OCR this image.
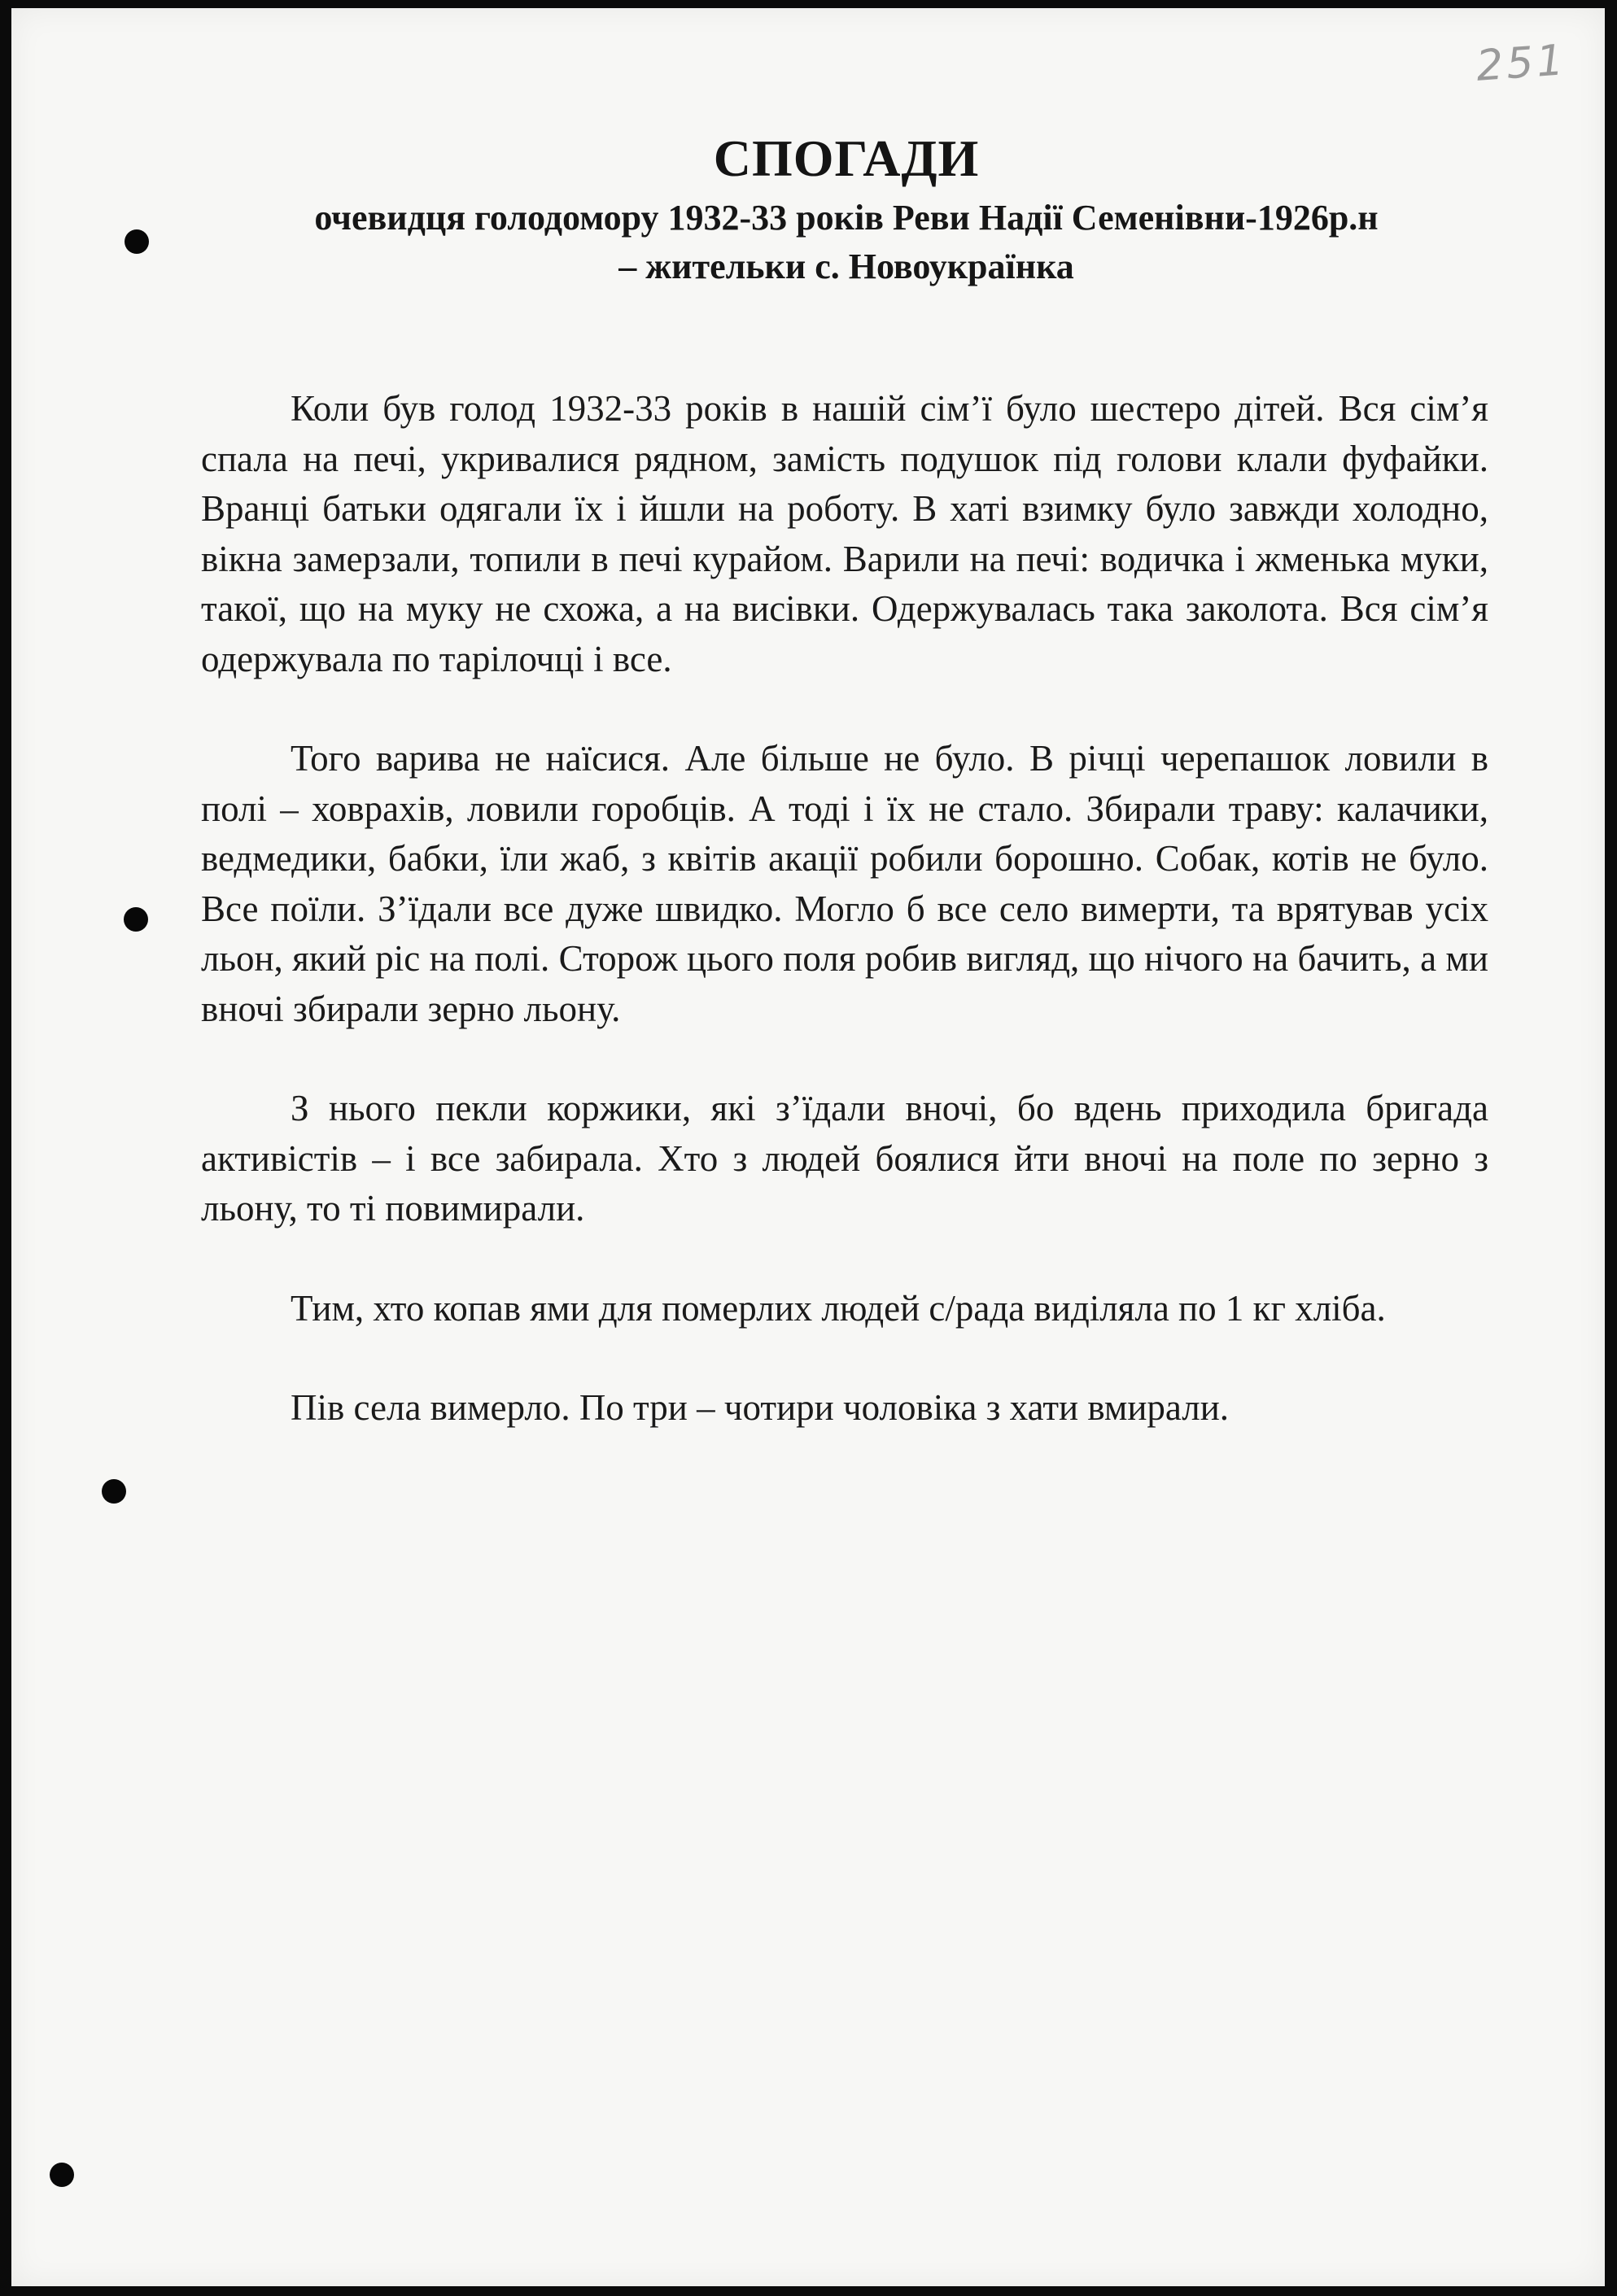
251
СПОГАДИ
очевидця голодомору 1932-33 років Реви Надії Семенівни-1926р.н
– жительки с. Новоукраїнка

Коли був голод 1932-33 років в нашій сім’ї було шестеро дітей. Вся сім’я спала на печі, укривалися рядном, замість подушок під голови клали фуфайки. Вранці батьки одягали їх і йшли на роботу. В хаті взимку було завжди холодно, вікна замерзали, топили в печі курайом. Варили на печі: водичка і жменька муки, такої, що на муку не схожа, а на висівки. Одержувалась така заколота. Вся сім’я одержувала по тарілочці і все.

Того варива не наїсися. Але більше не було. В річці черепашок ловили в полі – ховрахів, ловили горобців. А тоді і їх не стало. Збирали траву: калачики, ведмедики, бабки, їли жаб, з квітів акації робили борошно. Собак, котів не було. Все поїли. З’їдали все дуже швидко. Могло б все село вимерти, та врятував усіх льон, який ріс на полі. Сторож цього поля робив вигляд, що нічого на бачить, а ми вночі збирали зерно льону.

З нього пекли коржики, які з’їдали вночі, бо вдень приходила бригада активістів – і все забирала. Хто з людей боялися йти вночі на поле по зерно з льону, то ті повимирали.

Тим, хто копав ями для померлих людей с/рада виділяла по 1 кг хліба.

Пів села вимерло. По три – чотири чоловіка з хати вмирали.
